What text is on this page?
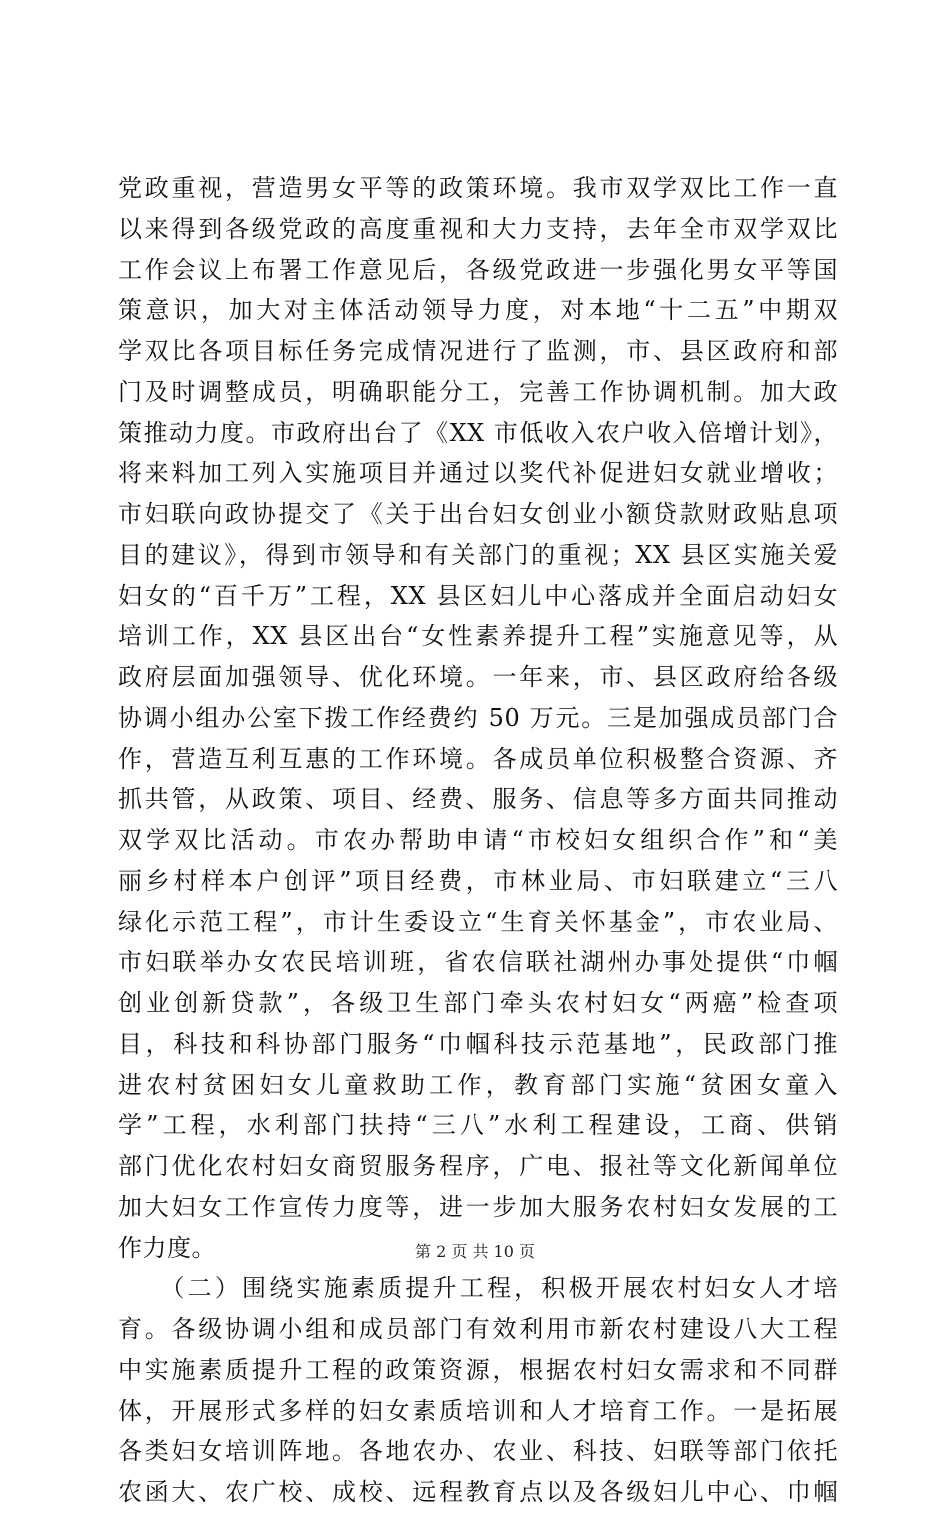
党政重视，营造男女平等的政策环境。我市双学双比工作一直
以来得到各级党政的高度重视和大力支持，去年全市双学双比
工作会议上布署工作意见后，各级党政进一步强化男女平等国
策意识，加大对主体活动领导力度，对本地“十二五”中期双
学双比各项目标任务完成情况进行了监测，市、县区政府和部
门及时调整成员，明确职能分工，完善工作协调机制。加大政
策推动力度。市政府出台了《XX 市低收入农户收入倍增计划》，
将来料加工列入实施项目并通过以奖代补促进妇女就业增收；
市妇联向政协提交了《关于出台妇女创业小额贷款财政贴息项
目的建议》，得到市领导和有关部门的重视；XX 县区实施关爱
妇女的“百千万”工程，XX 县区妇儿中心落成并全面启动妇女
培训工作，XX 县区出台“女性素养提升工程”实施意见等，从
政府层面加强领导、优化环境。一年来，市、县区政府给各级
协调小组办公室下拨工作经费约 50 万元。三是加强成员部门合
作，营造互利互惠的工作环境。各成员单位积极整合资源、齐
抓共管，从政策、项目、经费、服务、信息等多方面共同推动
双学双比活动。市农办帮助申请“市校妇女组织合作”和“美
丽乡村样本户创评”项目经费，市林业局、市妇联建立“三八
绿化示范工程”，市计生委设立“生育关怀基金”，市农业局、
市妇联举办女农民培训班，省农信联社湖州办事处提供“巾帼
创业创新贷款”，各级卫生部门牵头农村妇女“两癌”检查项
目，科技和科协部门服务“巾帼科技示范基地”，民政部门推
进农村贫困妇女儿童救助工作，教育部门实施“贫困女童入
学”工程，水利部门扶持“三八”水利工程建设，工商、供销
部门优化农村妇女商贸服务程序，广电、报社等文化新闻单位
加大妇女工作宣传力度等，进一步加大服务农村妇女发展的工
作力度。
　　（二）围绕实施素质提升工程，积极开展农村妇女人才培
育。各级协调小组和成员部门有效利用市新农村建设八大工程
中实施素质提升工程的政策资源，根据农村妇女需求和不同群
体，开展形式多样的妇女素质培训和人才培育工作。一是拓展
各类妇女培训阵地。各地农办、农业、科技、妇联等部门依托
农函大、农广校、成校、远程教育点以及各级妇儿中心、巾帼
第 2 页 共 10 页
